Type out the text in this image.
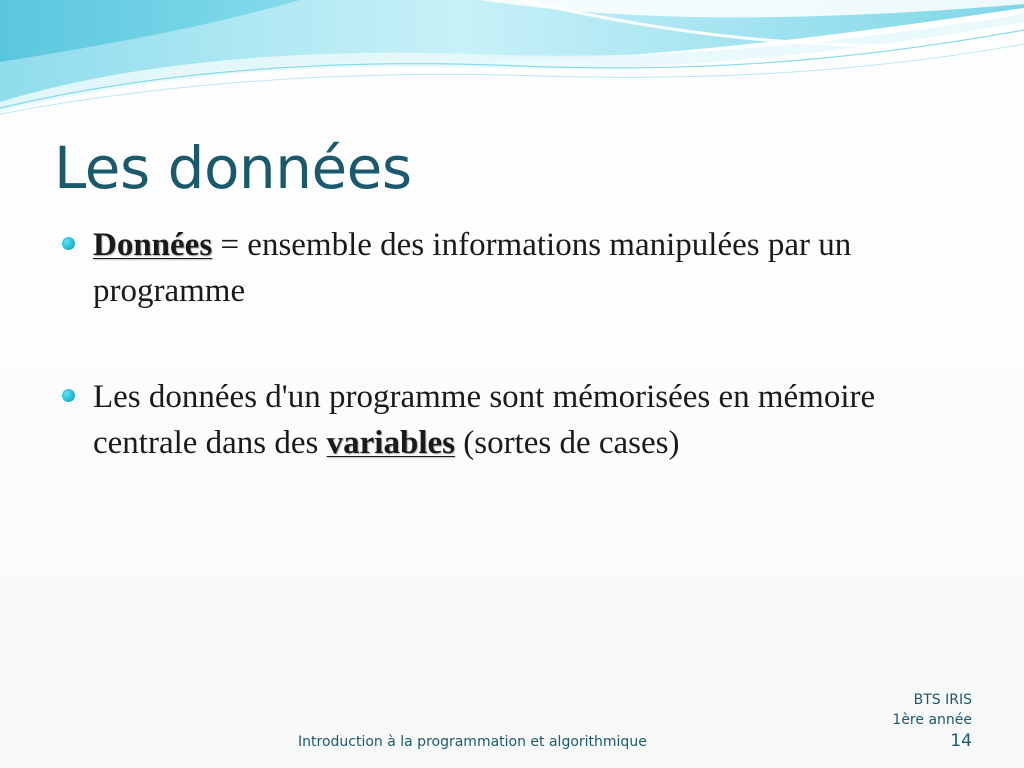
Les données
Données = ensemble des informations manipulées par un programme
Les données d'un programme sont mémorisées en mémoire centrale dans des variables (sortes de cases)
Introduction à la programmation et algorithmique
BTS IRIS
1ère année
14
